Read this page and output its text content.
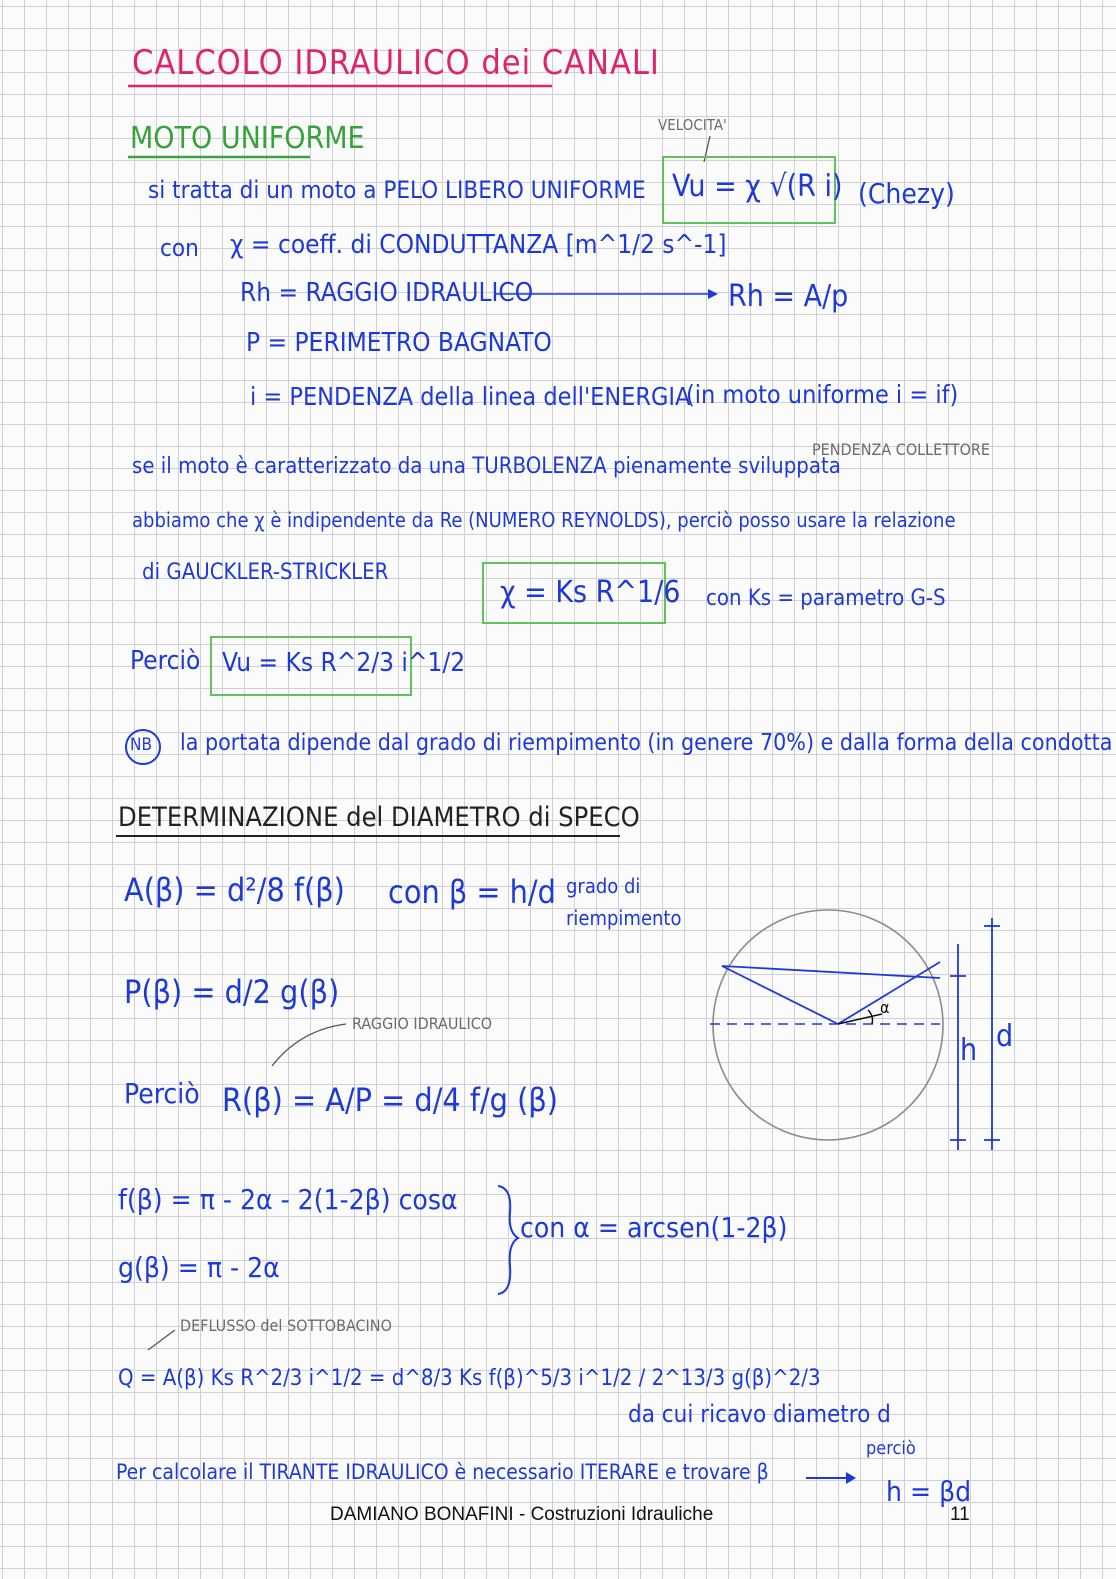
CALCOLO IDRAULICO dei CANALI
MOTO UNIFORME	VELOCITA'
si tratta di un moto a PELO LIBERO UNIFORME Vu = χ √(R i) (Chezy)
con χ = coeff. di CONDUTTANZA [m^1/2 s^-1]
Rh = RAGGIO IDRAULICO	Rh = A/p
P = PERIMETRO BAGNATO
i = PENDENZA della linea dell'ENERGIA
(in moto uniforme i = if)
PENDENZA COLLETTORE
se il moto è caratterizzato da una TURBOLENZA pienamente sviluppata
abbiamo che χ è indipendente da Re (NUMERO REYNOLDS), perciò posso usare la relazione
di GAUCKLER-STRICKLER
χ = Ks R^1/6 con Ks = parametro G-S
Perciò Vu = Ks R^2/3 i^1/2
NB la portata dipende dal grado di riempimento (in genere 70%) e dalla forma della condotta
DETERMINAZIONE del DIAMETRO di SPECO
A(β) = d²/8 f(β) con β = h/d grado di riempimento
P(β) = d/2 g(β)
RAGGIO IDRAULICO
Perciò R(β) = A/P = d/4 f/g (β)
f(β) = π - 2α - 2(1-2β) cosα
g(β) = π - 2α
con α = arcsen(1-2β)
DEFLUSSO del SOTTOBACINO
Q = A(β) Ks R^2/3 i^1/2 = d^8/3 Ks f(β)^5/3 i^1/2 / 2^13/3 g(β)^2/3
da cui ricavo diametro d
Per calcolare il TIRANTE IDRAULICO è necessario ITERARE e trovare β
perciò
h = βd
α
h d
DAMIANO BONAFINI - Costruzioni Idrauliche	11
